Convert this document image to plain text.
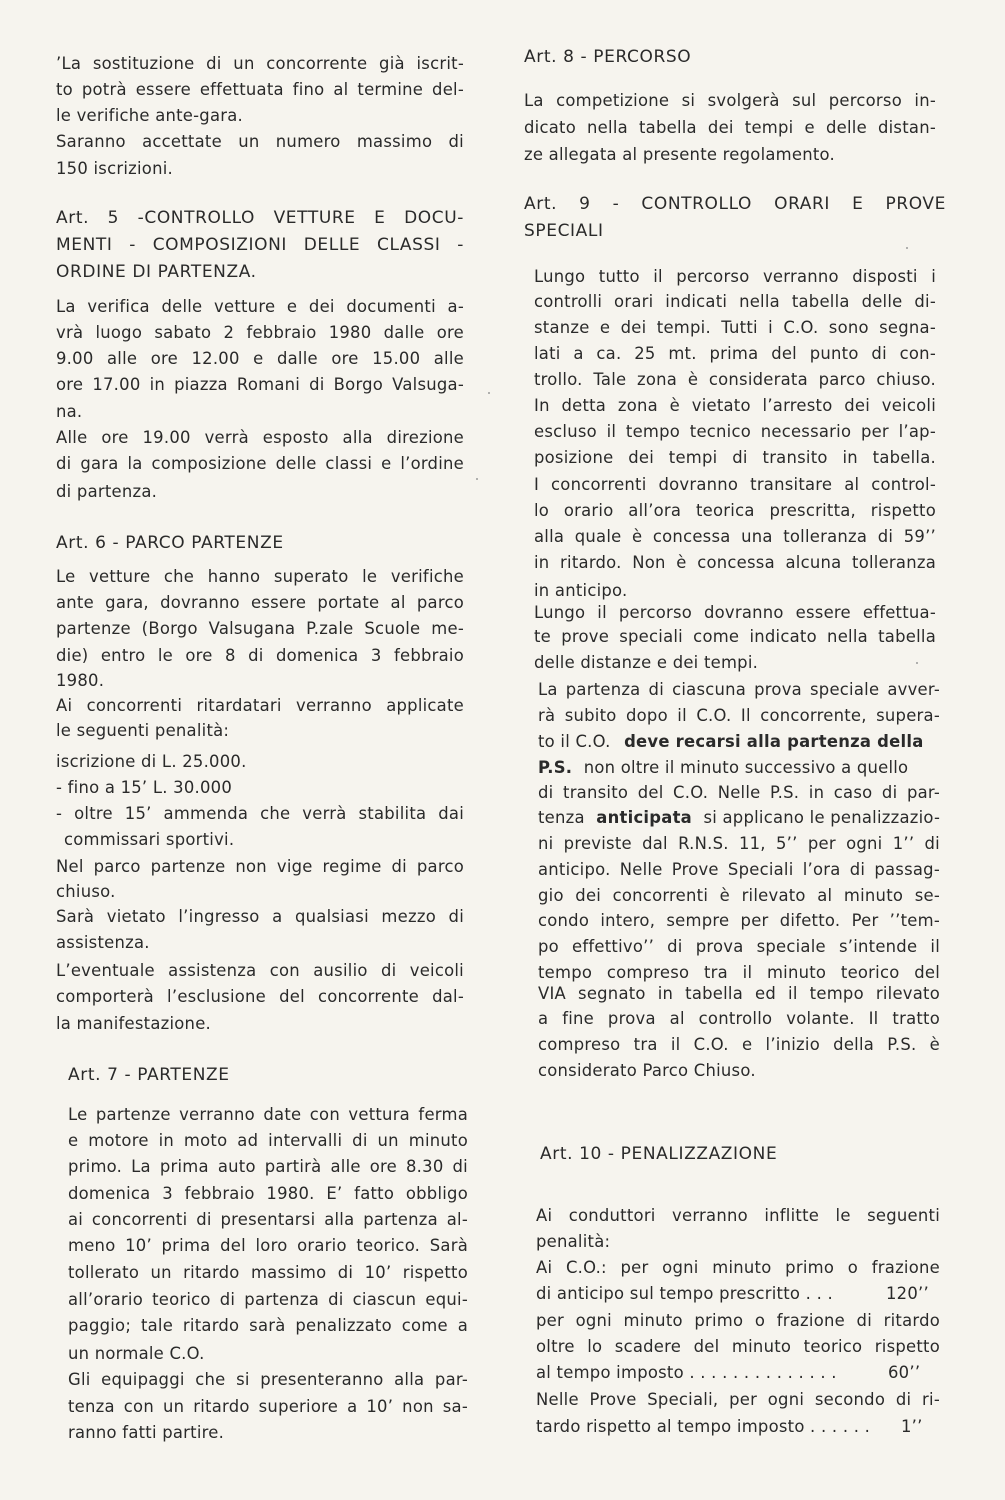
’La sostituzione di un concorrente già iscrit-
to potrà essere effettuata fino al termine del-
le verifiche ante-gara.
Saranno accettate un numero massimo di
150 iscrizioni.
Art. 5 -CONTROLLO VETTURE E DOCU-
MENTI - COMPOSIZIONI DELLE CLASSI -
ORDINE DI PARTENZA.
La verifica delle vetture e dei documenti a-
vrà luogo sabato 2 febbraio 1980 dalle ore
9.00 alle ore 12.00 e dalle ore 15.00 alle
ore 17.00 in piazza Romani di Borgo Valsuga-
na.
Alle ore 19.00 verrà esposto alla direzione
di gara la composizione delle classi e l’ordine
di partenza.
Art. 6 - PARCO PARTENZE
Le vetture che hanno superato le verifiche
ante gara, dovranno essere portate al parco
partenze (Borgo Valsugana P.zale Scuole me-
die) entro le ore 8 di domenica 3 febbraio
1980.
Ai concorrenti ritardatari verranno applicate
le seguenti penalità:
iscrizione di L. 25.000.
- fino a 15’ L. 30.000
- oltre 15’ ammenda che verrà stabilita dai
commissari sportivi.
Nel parco partenze non vige regime di parco
chiuso.
Sarà vietato l’ingresso a qualsiasi mezzo di
assistenza.
L’eventuale assistenza con ausilio di veicoli
comporterà l’esclusione del concorrente dal-
la manifestazione.
Art. 7 - PARTENZE
Le partenze verranno date con vettura ferma
e motore in moto ad intervalli di un minuto
primo. La prima auto partirà alle ore 8.30 di
domenica 3 febbraio 1980. E’ fatto obbligo
ai concorrenti di presentarsi alla partenza al-
meno 10’ prima del loro orario teorico. Sarà
tollerato un ritardo massimo di 10’ rispetto
all’orario teorico di partenza di ciascun equi-
paggio; tale ritardo sarà penalizzato come a
un normale C.O.
Gli equipaggi che si presenteranno alla par-
tenza con un ritardo superiore a 10’ non sa-
ranno fatti partire.
Art. 8 - PERCORSO
La competizione si svolgerà sul percorso in-
dicato nella tabella dei tempi e delle distan-
ze allegata al presente regolamento.
Art. 9 - CONTROLLO ORARI E PROVE
SPECIALI
Lungo tutto il percorso verranno disposti i
controlli orari indicati nella tabella delle di-
stanze e dei tempi. Tutti i C.O. sono segna-
lati a ca. 25 mt. prima del punto di con-
trollo. Tale zona è considerata parco chiuso.
In detta zona è vietato l’arresto dei veicoli
escluso il tempo tecnico necessario per l’ap-
posizione dei tempi di transito in tabella.
I concorrenti dovranno transitare al control-
lo orario all’ora teorica prescritta, rispetto
alla quale è concessa una tolleranza di 59’’
in ritardo. Non è concessa alcuna tolleranza
in anticipo.
Lungo il percorso dovranno essere effettua-
te prove speciali come indicato nella tabella
delle distanze e dei tempi.
La partenza di ciascuna prova speciale avver-
rà subito dopo il C.O. Il concorrente, supera-
to il C.O. deve recarsi alla partenza della
P.S. non oltre il minuto successivo a quello
di transito del C.O. Nelle P.S. in caso di par-
tenza anticipata si applicano le penalizzazio-
ni previste dal R.N.S. 11, 5’’ per ogni 1’’ di
anticipo. Nelle Prove Speciali l’ora di passag-
gio dei concorrenti è rilevato al minuto se-
condo intero, sempre per difetto. Per ’’tem-
po effettivo’’ di prova speciale s’intende il
tempo compreso tra il minuto teorico del
VIA segnato in tabella ed il tempo rilevato
a fine prova al controllo volante. Il tratto
compreso tra il C.O. e l’inizio della P.S. è
considerato Parco Chiuso.
Art. 10 - PENALIZZAZIONE
Ai conduttori verranno inflitte le seguenti
penalità:
Ai C.O.: per ogni minuto primo o frazione
di anticipo sul tempo prescritto . . .	120’’
per ogni minuto primo o frazione di ritardo
oltre lo scadere del minuto teorico rispetto
al tempo imposto . . . . . . . . . . . . . .	60’’
Nelle Prove Speciali, per ogni secondo di ri-
tardo rispetto al tempo imposto . . . . . . 1’’
